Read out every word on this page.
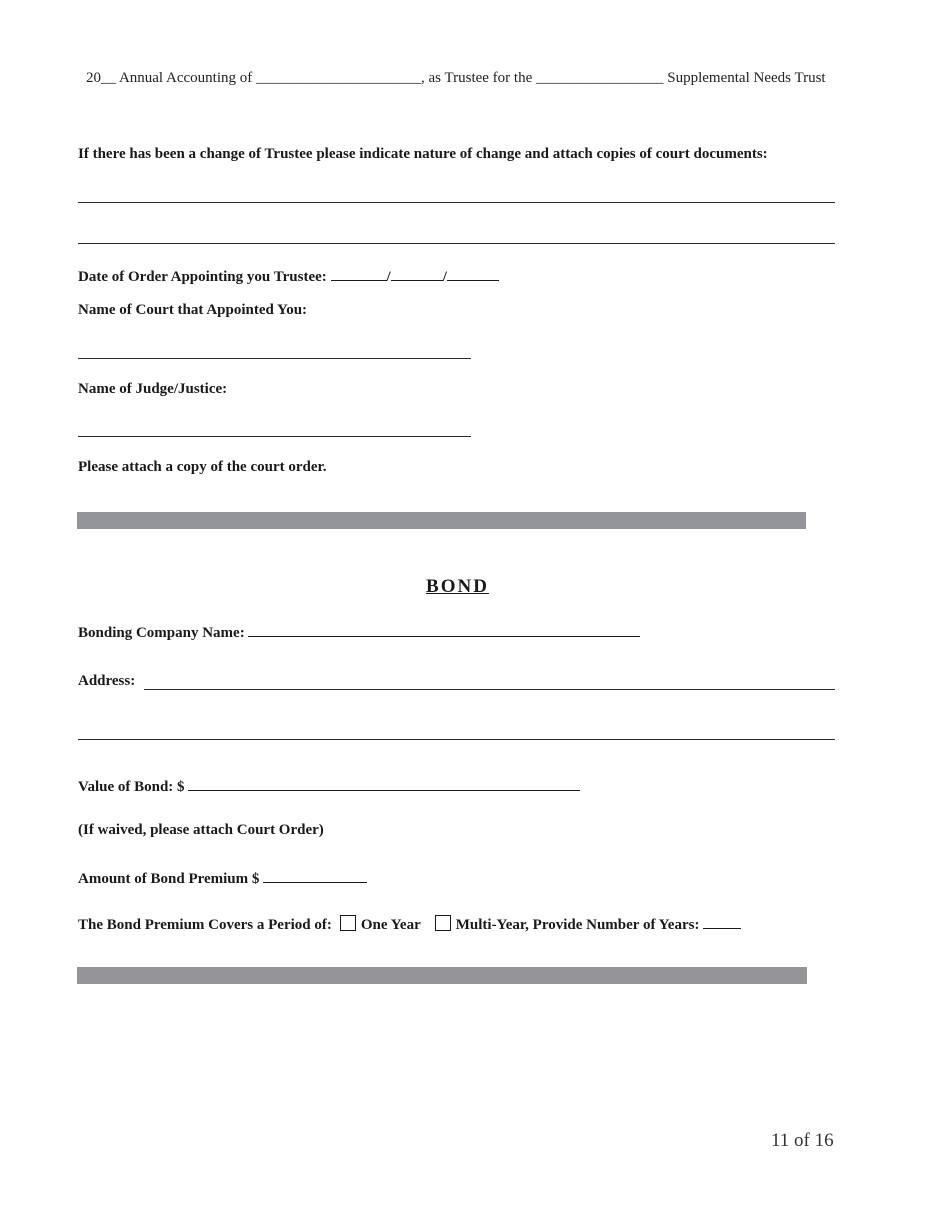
20__ Annual Accounting of ______________________, as Trustee for the _________________ Supplemental Needs Trust
If there has been a change of Trustee please indicate nature of change and attach copies of court documents:
Date of Order Appointing you Trustee:	/	/
Name of Court that Appointed You:
Name of Judge/Justice:
Please attach a copy of the court order.
BOND
Bonding Company Name:
Address:
Value of Bond: $
(If waived, please attach Court Order)
Amount of Bond Premium $
The Bond Premium Covers a Period of: One Year Multi-Year, Provide Number of Years:
11 of 16
